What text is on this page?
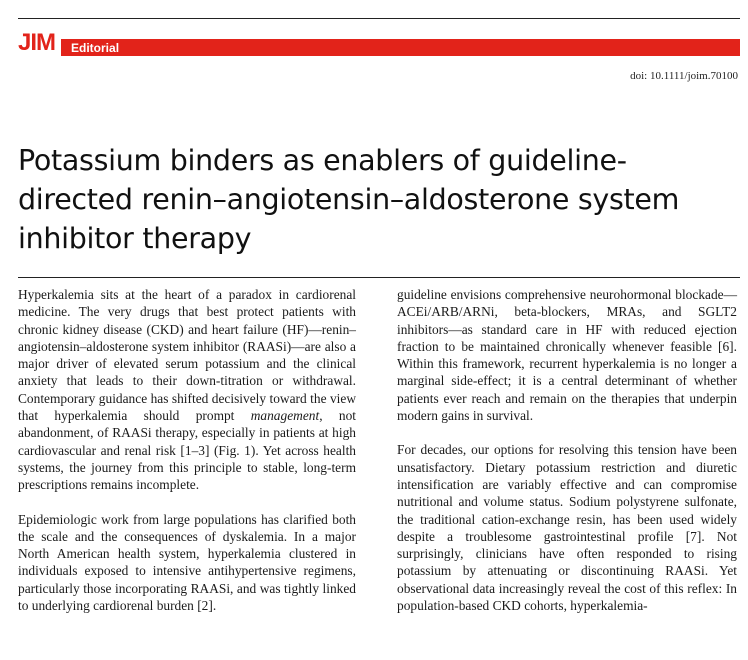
JIM	Editorial
doi: 10.1111/joim.70100
Potassium binders as enablers of guideline-directed renin–angiotensin–aldosterone system inhibitor therapy

Hyperkalemia sits at the heart of a paradox in cardiorenal medicine. The very drugs that best protect patients with chronic kidney disease (CKD) and heart failure (HF)—renin–angiotensin–aldosterone system inhibitor (RAASi)—are also a major driver of elevated serum potassium and the clinical anxiety that leads to their down-titration or withdrawal. Contemporary guidance has shifted decisively toward the view that hyperkalemia should prompt management, not abandonment, of RAASi therapy, especially in patients at high cardiovascular and renal risk [1–3] (Fig. 1). Yet across health systems, the journey from this principle to stable, long-term prescriptions remains incomplete.

Epidemiologic work from large populations has clarified both the scale and the consequences of dyskalemia. In a major North American health system, hyperkalemia clustered in individuals exposed to intensive antihypertensive regimens, particularly those incorporating RAASi, and was tightly linked to underlying cardiorenal burden [2].

guideline envisions comprehensive neurohormonal blockade—ACEi/ARB/ARNi, beta-blockers, MRAs, and SGLT2 inhibitors—as standard care in HF with reduced ejection fraction to be maintained chronically whenever feasible [6]. Within this framework, recurrent hyperkalemia is no longer a marginal side-effect; it is a central determinant of whether patients ever reach and remain on the therapies that underpin modern gains in survival.

For decades, our options for resolving this tension have been unsatisfactory. Dietary potassium restriction and diuretic intensification are variably effective and can compromise nutritional and volume status. Sodium polystyrene sulfonate, the traditional cation-exchange resin, has been used widely despite a troublesome gastrointestinal profile [7]. Not surprisingly, clinicians have often responded to rising potassium by attenuating or discontinuing RAASi. Yet observational data increasingly reveal the cost of this reflex: In population-based CKD cohorts, hyperkalemia-
